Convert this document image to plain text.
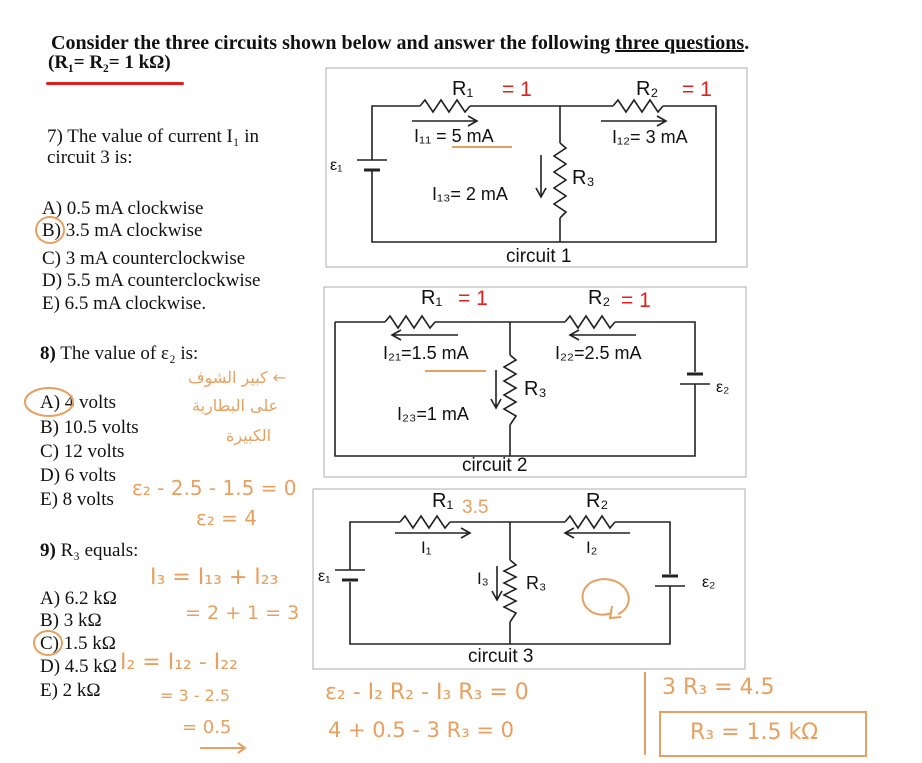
Consider the three circuits shown below and answer the following three questions.
(R₁= R₂= 1 kΩ)
7) The value of current I₁ in
circuit 3 is:
A) 0.5 mA clockwise
B) 3.5 mA clockwise
C) 3 mA counterclockwise
D) 5.5 mA counterclockwise
E) 6.5 mA clockwise.
8) The value of ε₂ is:
A) 4 volts
B) 10.5 volts
C) 12 volts
D) 6 volts
E) 8 volts
9) R₃ equals:
A) 6.2 kΩ
B) 3 kΩ
C) 1.5 kΩ
D) 4.5 kΩ
E) 2 kΩ
R₁	R₂
R₃
ε₁
I₁₁ = 5 mA	I₁₂= 3 mA
I₁₃= 2 mA
circuit 1
R₁	R₂
R₃	ε₂
I₂₁=1.5 mA	I₂₂=2.5 mA
I₂₃=1 mA
circuit 2
R₁	R₂
R₃
ε₁	ε₂
I₁	I₂
I₃
circuit 3
= 1	= 1
= 1	= 1
3.5
← كبير الشوف
على البطارية
الكبيرة
ε₂ - 2.5 - 1.5 = 0
ε₂ = 4
I₃ = I₁₃ + I₂₃
= 2 + 1 = 3
I₂ = I₁₂ - I₂₂
= 3 - 2.5
= 0.5
ε₂ - I₂ R₂ - I₃ R₃ = 0
4 + 0.5 - 3 R₃ = 0
3 R₃ = 4.5
R₃ = 1.5 kΩ
